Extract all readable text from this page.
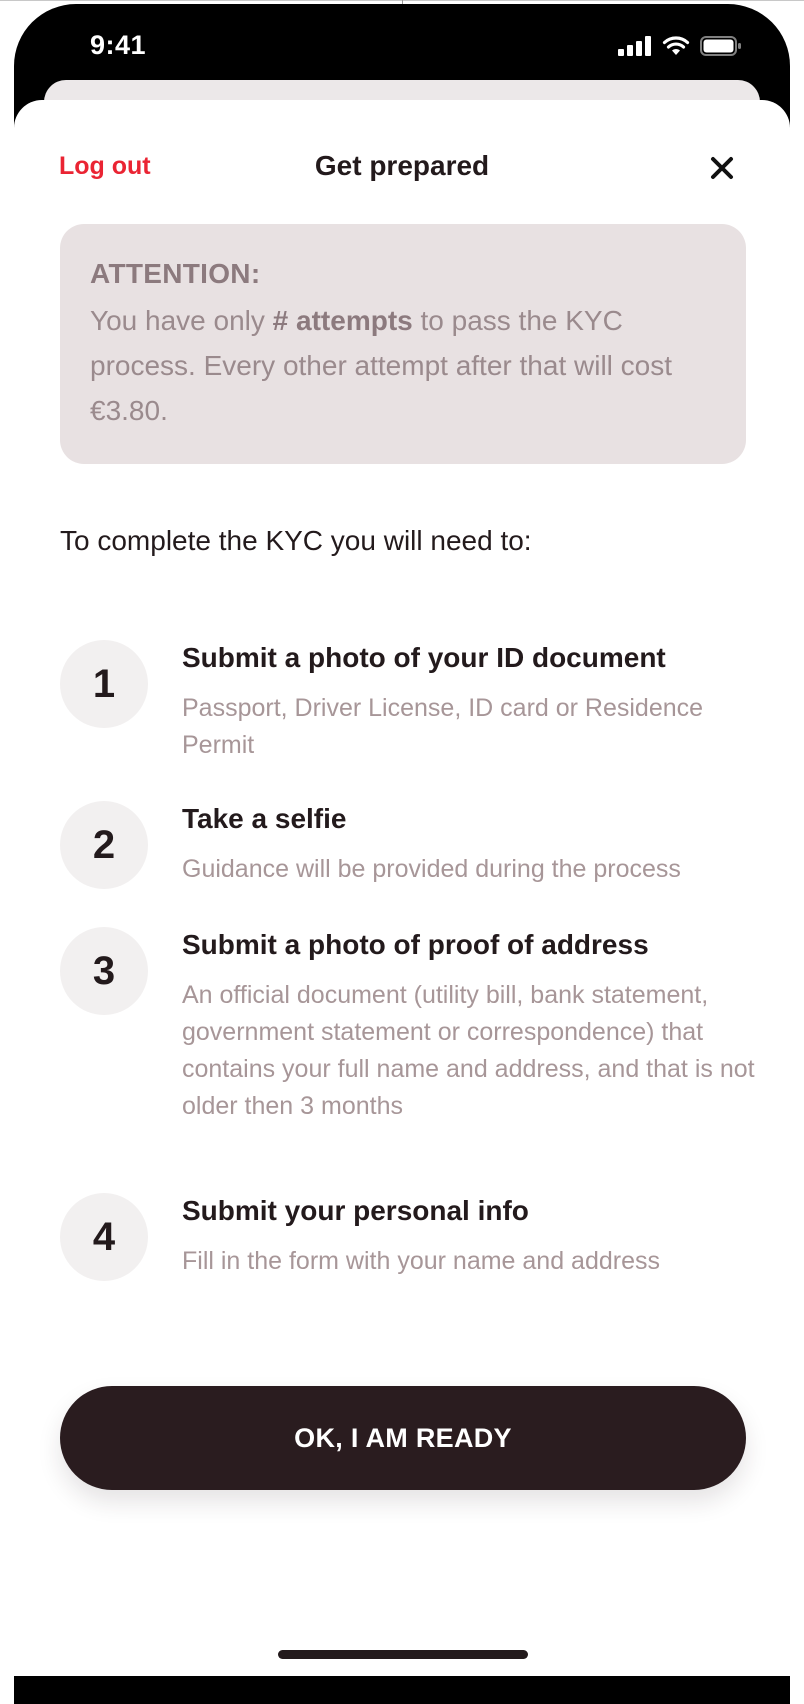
9:41
Log out	Get prepared
ATTENTION:
You have only # attempts to pass the KYC process. Every other attempt after that will cost €3.80.
To complete the KYC you will need to:
1
Submit a photo of your ID document
Passport, Driver License, ID card or Residence Permit
2
Take a selfie
Guidance will be provided during the process
3
Submit a photo of proof of address
An official document (utility bill, bank statement, government statement or correspondence) that contains your full name and address, and that is not older then 3 months
4
Submit your personal info
Fill in the form with your name and address
OK, I AM READY
